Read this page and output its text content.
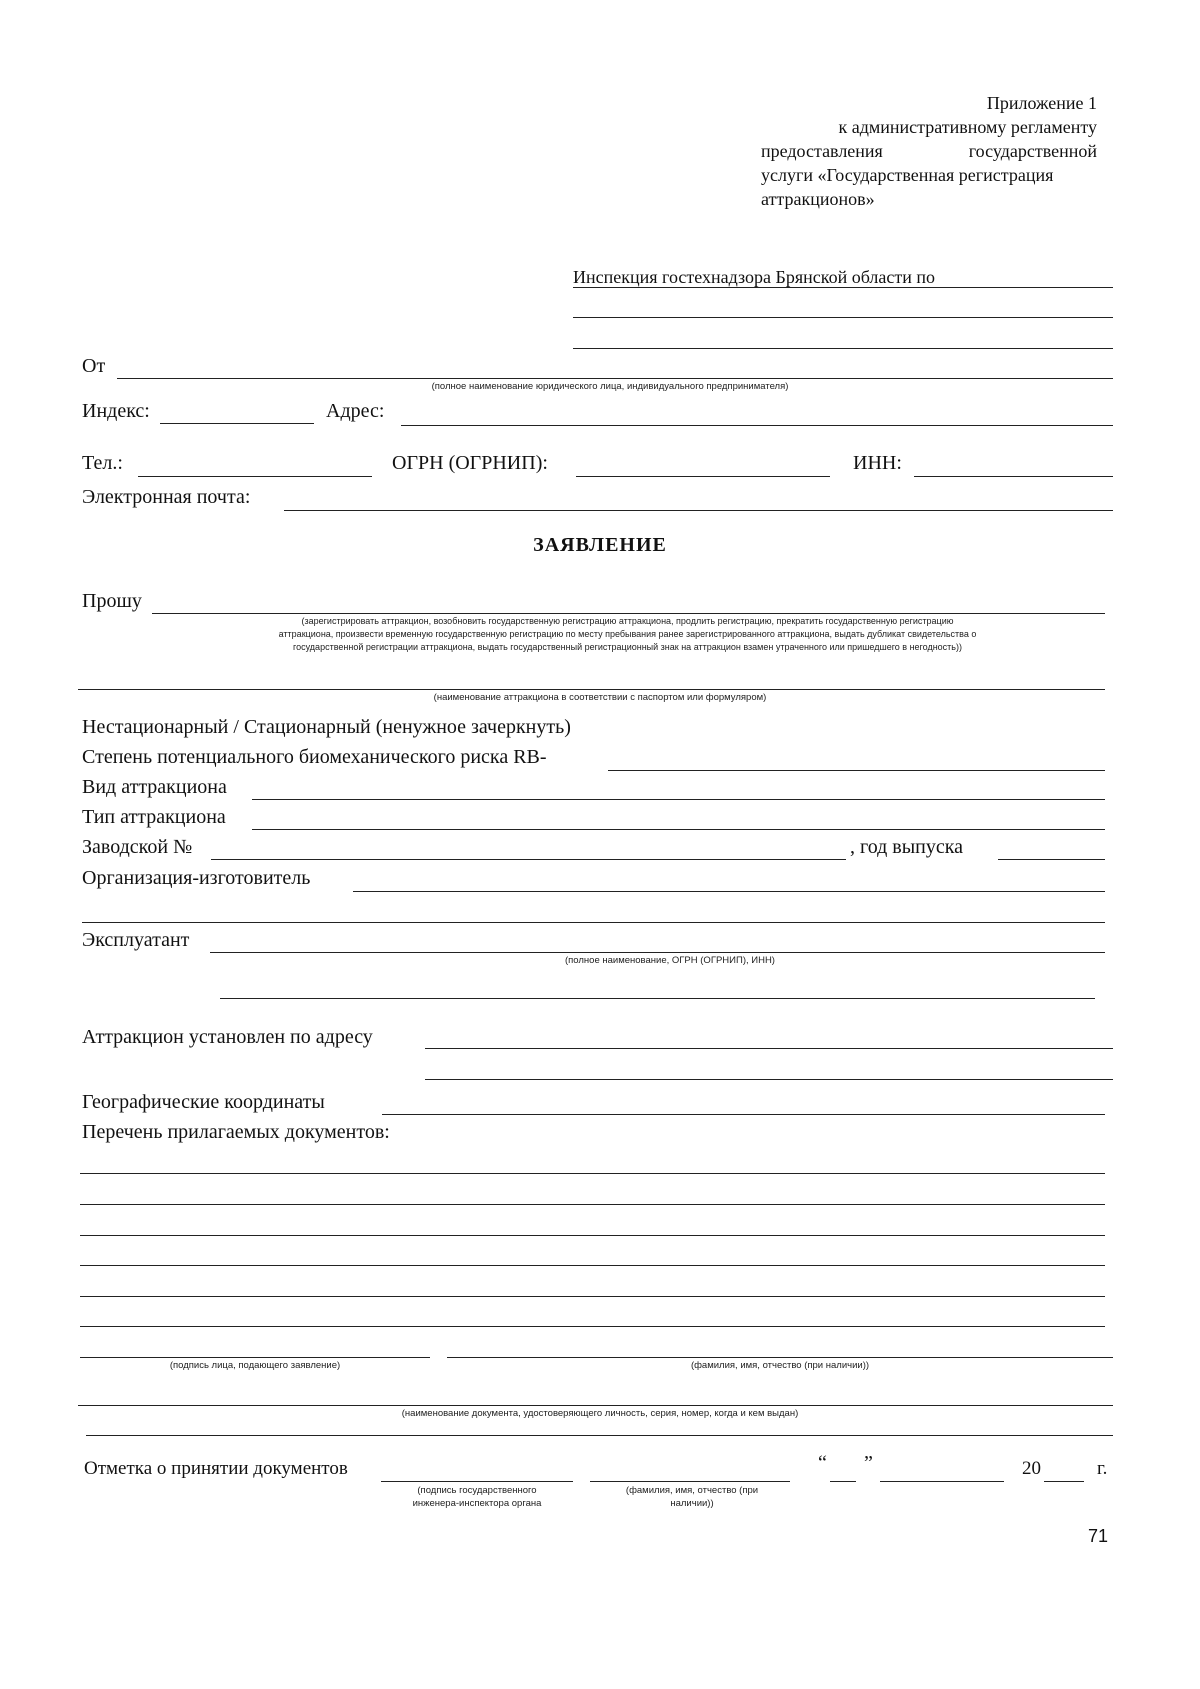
Приложение 1
к административному регламенту
предоставления	государственной
услуги «Государственная регистрация
аттракционов»
Инспекция гостехнадзора Брянской области по
От
(полное наименование юридического лица, индивидуального предпринимателя)
Индекс:	Адрес:
Тел.:	ОГРН (ОГРНИП):	ИНН:
Электронная почта:
ЗАЯВЛЕНИЕ
Прошу
(зарегистрировать аттракцион, возобновить государственную регистрацию аттракциона, продлить регистрацию, прекратить государственную регистрацию
аттракциона, произвести временную государственную регистрацию по месту пребывания ранее зарегистрированного аттракциона, выдать дубликат свидетельства о
государственной регистрации аттракциона, выдать государственный регистрационный знак на аттракцион взамен утраченного или пришедшего в негодность))
(наименование аттракциона в соответствии с паспортом или формуляром)
Нестационарный / Стационарный (ненужное зачеркнуть)
Степень потенциального биомеханического риска RB-
Вид аттракциона
Тип аттракциона
Заводской №	, год выпуска
Организация-изготовитель
Эксплуатант
(полное наименование, ОГРН (ОГРНИП), ИНН)
Аттракцион установлен по адресу
Географические координаты
Перечень прилагаемых документов:
(подпись лица, подающего заявление)	(фамилия, имя, отчество (при наличии))
(наименование документа, удостоверяющего личность, серия, номер, когда и кем выдан)
Отметка о принятии документов	“ ”	20	г.
(подпись государственного
инженера-инспектора органа
(фамилия, имя, отчество (при
наличии))
71
